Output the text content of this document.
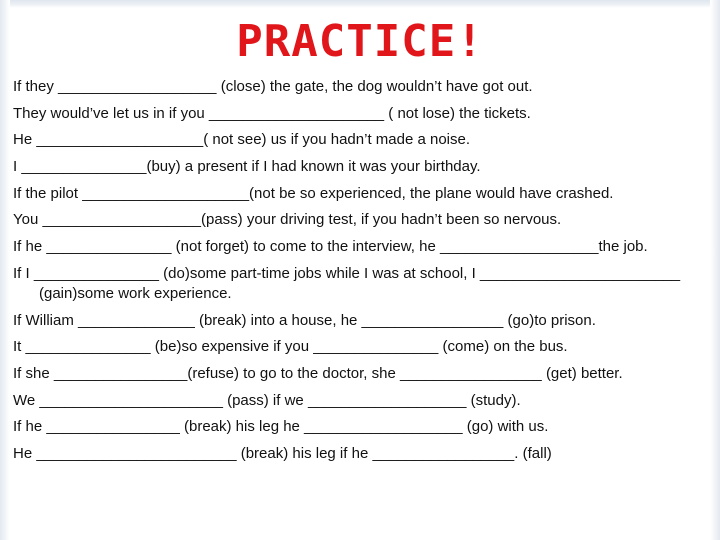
PRACTICE!

If they ___________________ (close) the gate, the dog wouldn’t have got out.

They would’ve let us in if you _____________________ ( not lose) the tickets.

He ____________________( not see) us if you hadn’t made a noise.

I _______________(buy) a present if I had known it was your birthday.

If the pilot ____________________(not be so experienced, the plane would have crashed.

You ___________________(pass) your driving test, if you hadn’t been so nervous.

If he _______________ (not forget) to come to the interview, he ___________________the job.

If I _______________ (do)some part-time jobs while I was at school, I ________________________ (gain)some work experience.

If William ______________ (break) into a house, he _________________ (go)to prison.

It _______________ (be)so expensive if you _______________ (come) on the bus.

If she ________________(refuse) to go to the doctor, she _________________ (get) better.

We ______________________ (pass) if we ___________________ (study).

If he ________________ (break) his leg he ___________________ (go) with us.

He ________________________ (break) his leg if he _________________. (fall)
